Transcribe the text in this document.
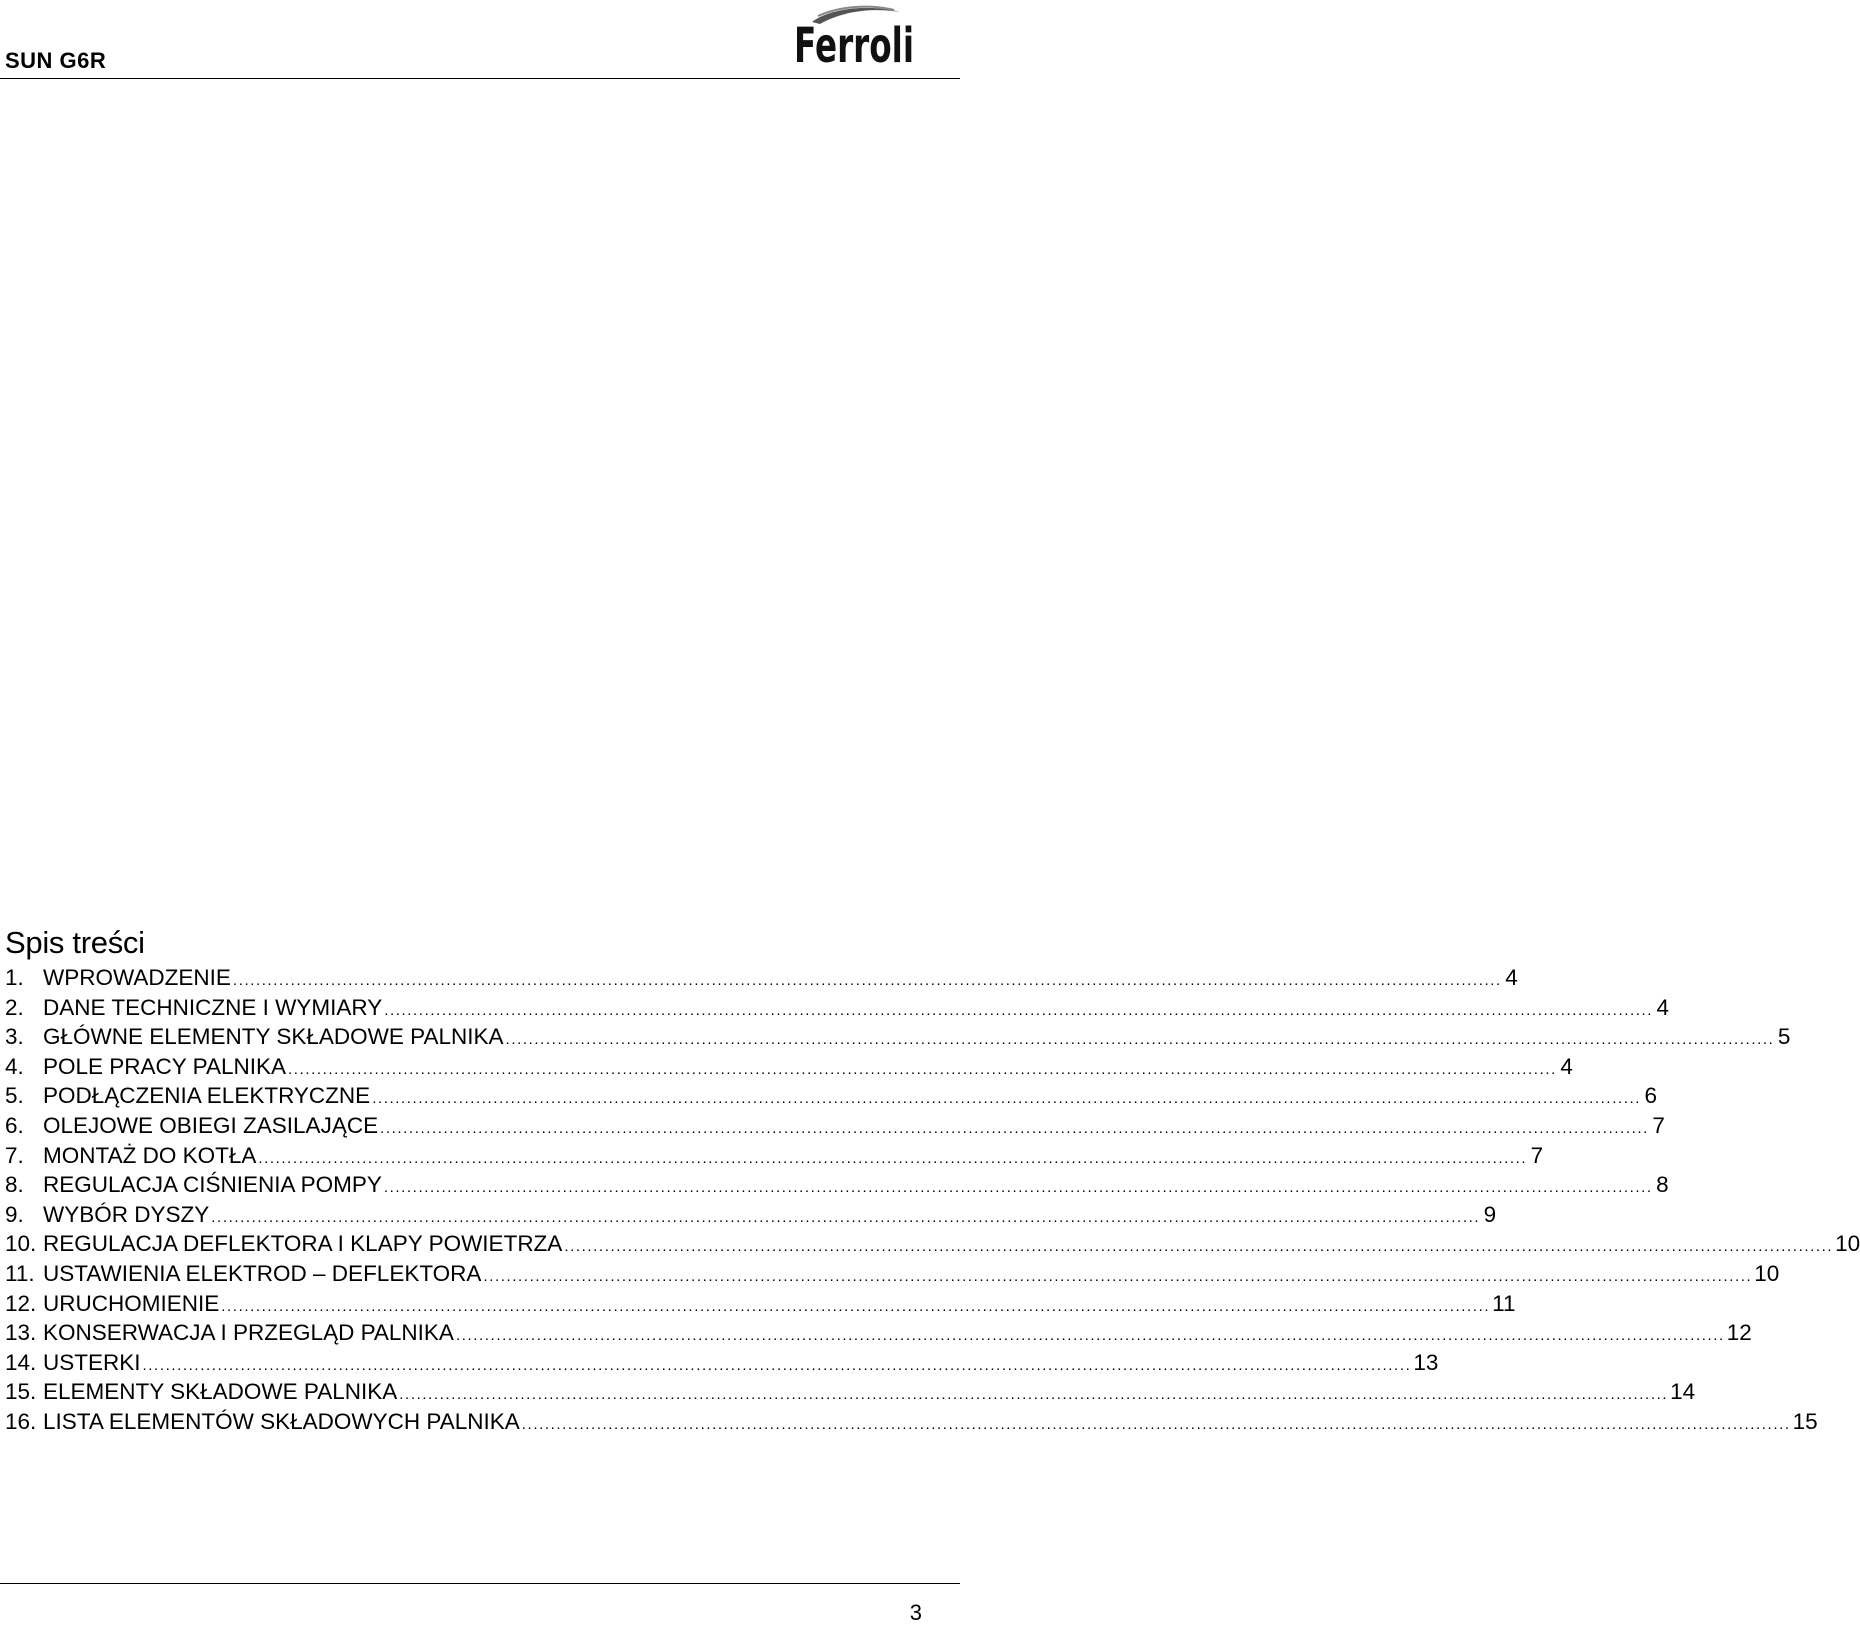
SUN G6R	Ferroli
Spis treści
1. WPROWADZENIE ............................................................................................................................................................................................................................ 4
2. DANE TECHNICZNE I WYMIARY ............................................................................................................................................................................................................................ 4
3. GŁÓWNE ELEMENTY SKŁADOWE PALNIKA ............................................................................................................................................................................................................................ 5
4. POLE PRACY PALNIKA ............................................................................................................................................................................................................................ 4
5. PODŁĄCZENIA ELEKTRYCZNE ............................................................................................................................................................................................................................ 6
6. OLEJOWE OBIEGI ZASILAJĄCE ............................................................................................................................................................................................................................ 7
7. MONTAŻ DO KOTŁA ............................................................................................................................................................................................................................ 7
8. REGULACJA CIŚNIENIA POMPY ............................................................................................................................................................................................................................ 8
9. WYBÓR DYSZY ............................................................................................................................................................................................................................ 9
10. REGULACJA DEFLEKTORA I KLAPY POWIETRZA ............................................................................................................................................................................................................................ 10
11. USTAWIENIA ELEKTROD – DEFLEKTORA ............................................................................................................................................................................................................................ 10
12. URUCHOMIENIE ............................................................................................................................................................................................................................ 11
13. KONSERWACJA I PRZEGLĄD PALNIKA ............................................................................................................................................................................................................................ 12
14. USTERKI ............................................................................................................................................................................................................................ 13
15. ELEMENTY SKŁADOWE PALNIKA ............................................................................................................................................................................................................................ 14
16. LISTA ELEMENTÓW SKŁADOWYCH PALNIKA ............................................................................................................................................................................................................................ 15
3
